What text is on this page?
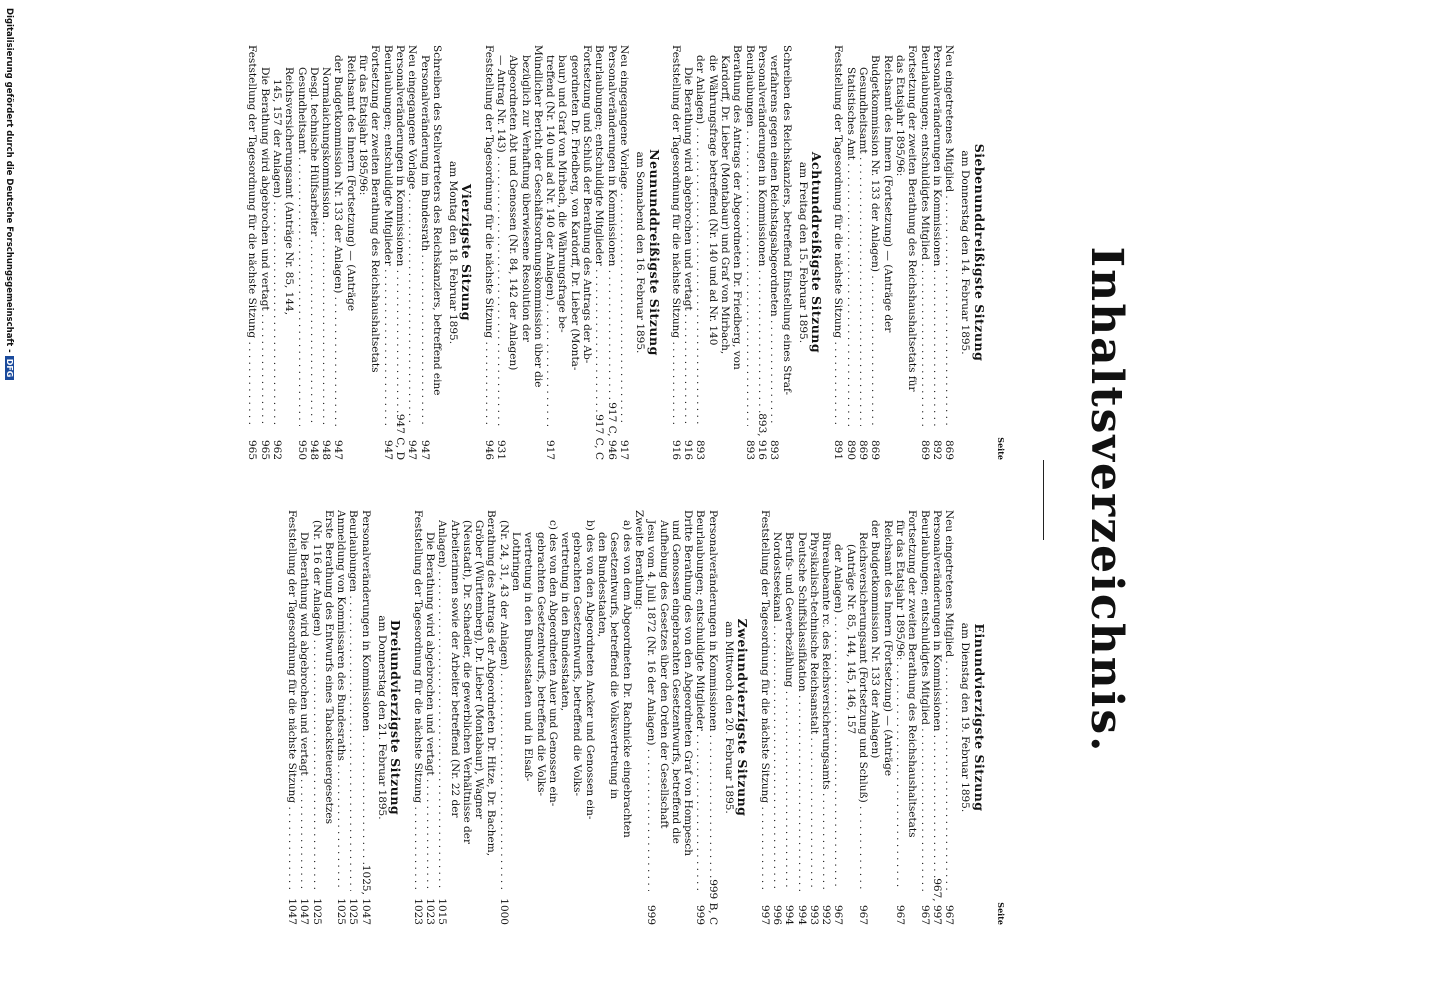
Inhaltsverzeichnis.
Seite
Siebenunddreißigste Sitzung
am Donnerstag den 14. Februar 1895.
Neu eingetretenes Mitglied . . .
869
Personalveränderungen in Kommissionen . . .
892
Beurlaubungen; entschuldigtes Mitglied . . .
869
Fortsetzung der zweiten Berathung des Reichshaushaltsetats für
das Etatsjahr 1895/96:
Reichsamt des Innern (Fortsetzung) — (Anträge der
Budgetkommission Nr. 133 der Anlagen) . . .
869
Gesundheitsamt . . .
869
Statistisches Amt . . .
890
Feststellung der Tagesordnung für die nächste Sitzung . . .
891
Achtunddreißigste Sitzung
am Freitag den 15. Februar 1895.
Schreiben des Reichskanzlers, betreffend Einstellung eines Straf-
verfahrens gegen einen Reichstagsabgeordneten . . .
893
Personalveränderungen in Kommissionen . . .
893, 916
Beurlaubungen . . .
893
Berathung des Antrags der Abgeordneten Dr. Friedberg, von
Kardorff, Dr. Lieber (Montabaur) und Graf von Mirbach,
die Währungsfrage betreffend (Nr. 140 und ad Nr. 140
der Anlagen) . . .
893
Die Berathung wird abgebrochen und vertagt . . .
916
Feststellung der Tagesordnung für die nächste Sitzung . . .
916
Neununddreißigste Sitzung
am Sonnabend den 16. Februar 1895.
Neu eingegangene Vorlage . . .
917
Personalveränderungen in Kommissionen . . .
917 C, 946
Beurlaubungen; entschuldigte Mitglieder . . .
917 C, C
Fortsetzung und Schluß der Berathung des Antrags der Ab-
geordneten Dr. Friedberg, von Kardorff, Dr. Lieber (Monta-
baur) und Graf von Mirbach, die Währungsfrage be-
treffend (Nr. 140 und ad Nr. 140 der Anlagen) . . .
917
Mündlicher Bericht der Geschäftsordnungskommission über die
bezüglich zur Verhaftung überwiesene Resolution der
Abgeordneten Abt und Genossen (Nr. 84, 142 der Anlagen)
— Antrag Nr. 143) . . .
931
Feststellung der Tagesordnung für die nächste Sitzung . . .
946
Vierzigste Sitzung
am Montag den 18. Februar 1895.
Schreiben des Stellvertreters des Reichskanzlers, betreffend eine
Personalveränderung im Bundesrath . . .
947
Neu eingegangene Vorlage . . .
947
Personalveränderungen in Kommissionen . . .
947 C, D
Beurlaubungen; entschuldigte Mitglieder . . .
947
Fortsetzung der zweiten Berathung des Reichshaushaltsetats
für das Etatsjahr 1895/96:
Reichsamt des Innern (Fortsetzung) — (Anträge
der Budgetkommission Nr. 133 der Anlagen) . . .
947
Normalaichungskommission . . .
948
Desgl. technische Hülfsarbeiter . . .
948
Gesundheitsamt . . .
950
Reichsversicherungsamt (Anträge Nr. 85, 144,
145, 157 der Anlagen) . . .
962
Die Berathung wird abgebrochen und vertagt . . .
965
Feststellung der Tagesordnung für die nächste Sitzung . . .
965
Seite
Einundvierzigste Sitzung
am Dienstag den 19. Februar 1895.
Neu eingetretenes Mitglied . . .
967
Personalveränderungen in Kommissionen . . .
967, 997
Beurlaubungen; entschuldigtes Mitglied . . .
967
Fortsetzung der zweiten Berathung des Reichshaushaltsetats
für das Etatsjahr 1895/96: . . .
967
Reichsamt des Innern (Fortsetzung) — (Anträge
der Budgetkommission Nr. 133 der Anlagen)
Reichsversicherungsamt (Fortsetzung und Schluß) . . .
967
(Anträge Nr. 85, 144, 145, 146, 157
der Anlagen) . . .
967
Büreaubeamte rc. des Reichsversicherungsamts . . .
992
Physikalisch-technische Reichsanstalt . . .
993
Deutsche Schiffsklassifikation . . .
994
Berufs- und Gewerbezählung . . .
994
Nordostseekanal . . .
996
Feststellung der Tagesordnung für die nächste Sitzung . . .
997
Zweiundvierzigste Sitzung
am Mittwoch den 20. Februar 1895.
Personalveränderungen in Kommissionen . . .
999 B, C
Beurlaubungen; entschuldigte Mitglieder . . .
999
Dritte Berathung des von den Abgeordneten Graf von Hompesch
und Genossen eingebrachten Gesetzentwurfs, betreffend die
Aufhebung des Gesetzes über den Orden der Gesellschaft
Jesu vom 4. Juli 1872 (Nr. 16 der Anlagen) . . .
999
Zweite Berathung:
a) des von dem Abgeordneten Dr. Rachnicke eingebrachten
Gesetzentwurfs, betreffend die Volksvertretung in
den Bundesstaaten,
b) des von den Abgeordneten Ancker und Genossen ein-
gebrachten Gesetzentwurfs, betreffend die Volks-
vertretung in den Bundesstaaten,
c) des von den Abgeordneten Auer und Genossen ein-
gebrachten Gesetzentwurfs, betreffend die Volks-
vertretung in den Bundesstaaten und in Elsaß-
Lothringen
(Nr. 24, 31, 43 der Anlagen) . . .
1000
Berathung des Antrags der Abgeordneten Dr. Hitze, Dr. Bachem,
Gröber (Württemberg), Dr. Lieber (Montabaur), Wagner
(Neustadt), Dr. Schaedler, die gewerblichen Verhältnisse der
Arbeiterinnen sowie der Arbeiter betreffend (Nr. 22 der
Anlagen) . . .
1015
Die Berathung wird abgebrochen und vertagt . . .
1023
Feststellung der Tagesordnung für die nächste Sitzung . . .
1023
Dreiundvierzigste Sitzung
am Donnerstag den 21. Februar 1895.
Personalveränderungen in Kommissionen . . .
1025, 1047
Beurlaubungen . . .
1025
Anmeldung von Kommissaren des Bundesraths . . .
1025
Erste Berathung des Entwurfs eines Tabacksteuergesetzes
(Nr. 116 der Anlagen) . . .
1025
Die Berathung wird abgebrochen und vertagt . . .
1047
Feststellung der Tagesordnung für die nächste Sitzung . . .
1047
Digitalisierung gefördert durch die Deutsche Forschungsgemeinschaft -DFG
